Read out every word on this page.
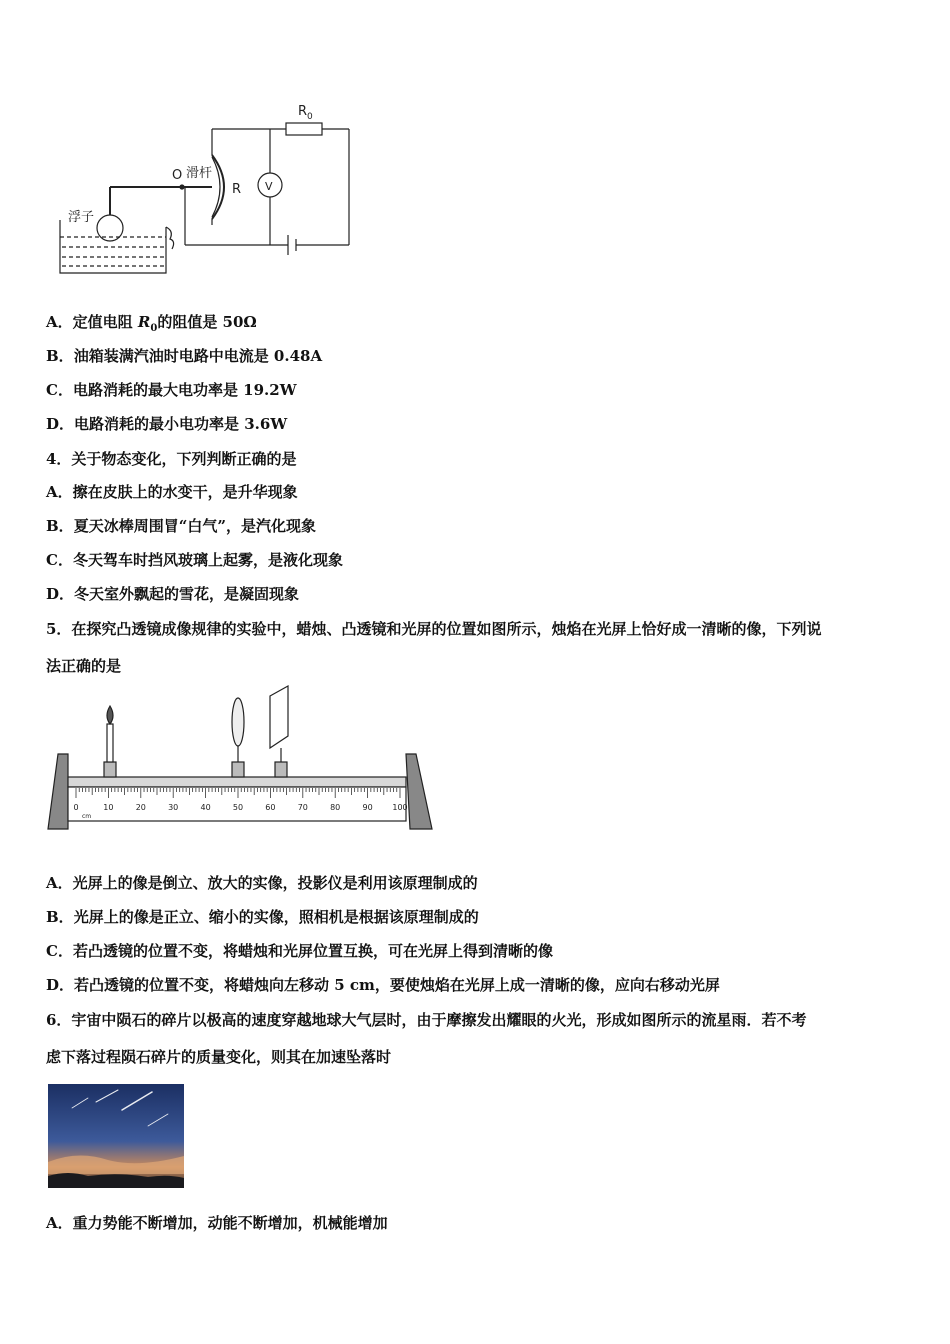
$R_0$
O 滑杆
R
浮子
V
A．定值电阻 $R_0$的阻值是 50Ω
B．油箱装满汽油时电路中电流是 0.48A
C．电路消耗的最大电功率是 19.2W
D．电路消耗的最小电功率是 3.6W
4．关于物态变化，下列判断正确的是
A．擦在皮肤上的水变干，是升华现象
B．夏天冰棒周围冒“白气”，是汽化现象
C．冬天驾车时挡风玻璃上起雾，是液化现象
D．冬天室外飘起的雪花，是凝固现象
5．在探究凸透镜成像规律的实验中，蜡烛、凸透镜和光屏的位置如图所示，烛焰在光屏上恰好成一清晰的像，下列说
法正确的是
0	10	20	30	40	50	60	70	80	90 100
cm
A．光屏上的像是倒立、放大的实像，投影仪是利用该原理制成的
B．光屏上的像是正立、缩小的实像，照相机是根据该原理制成的
C．若凸透镜的位置不变，将蜡烛和光屏位置互换，可在光屏上得到清晰的像
D．若凸透镜的位置不变，将蜡烛向左移动 5 cm，要使烛焰在光屏上成一清晰的像，应向右移动光屏
6．宇宙中陨石的碎片以极高的速度穿越地球大气层时，由于摩擦发出耀眼的火光，形成如图所示的流星雨．若不考
虑下落过程陨石碎片的质量变化，则其在加速坠落时
A．重力势能不断增加，动能不断增加，机械能增加
